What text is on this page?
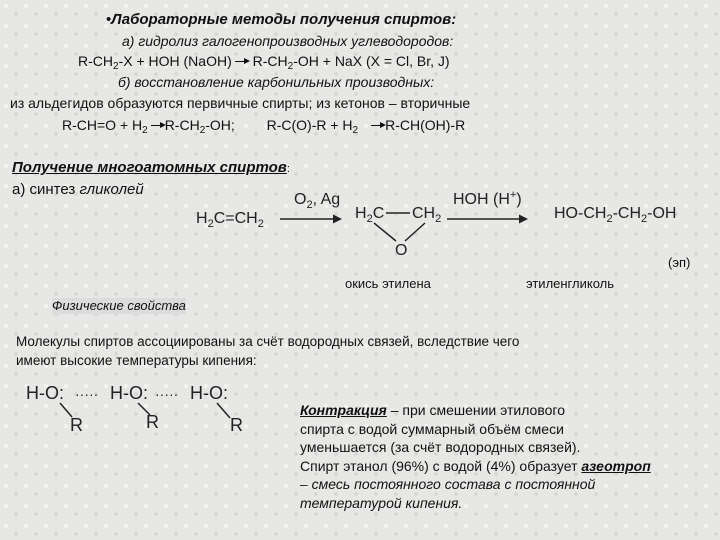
•Лабораторные методы получения спиртов:
а) гидролиз галогенопроизводных углеводородов:
$R-CH_2-X$ + HOH (NaOH) $R-CH_2-OH$ + NaX (X = Cl, Br, J)
б) восстановление карбонильных производных:
из альдегидов образуются первичные спирты; из кетонов – вторичные
$R-CH=O + H_2$ $R-CH_2-OH$; $R-C(O)-R + H_2$ R-CH(OH)-R
Получение многоатомных спиртов:
а) синтез гликолей
$H_2C=CH_2$
$O_2$, Ag
$H_2C$ $CH_2$
O
HOH (H+)
$HO-CH_2-CH_2-OH$
(эп)
окись этилена	этиленгликоль
Физические свойства
Молекулы спиртов ассоциированы за счёт водородных связей, вследствие чего
имеют высокие температуры кипения:
H-O: ····· H-O: ····· H-O:
R	R	R
Контракция – при смешении этилового
спирта с водой суммарный объём смеси
уменьшается (за счёт водородных связей).
Спирт этанол (96%) с водой (4%) образует азеотроп
– смесь постоянного состава с постоянной
температурой кипения.
